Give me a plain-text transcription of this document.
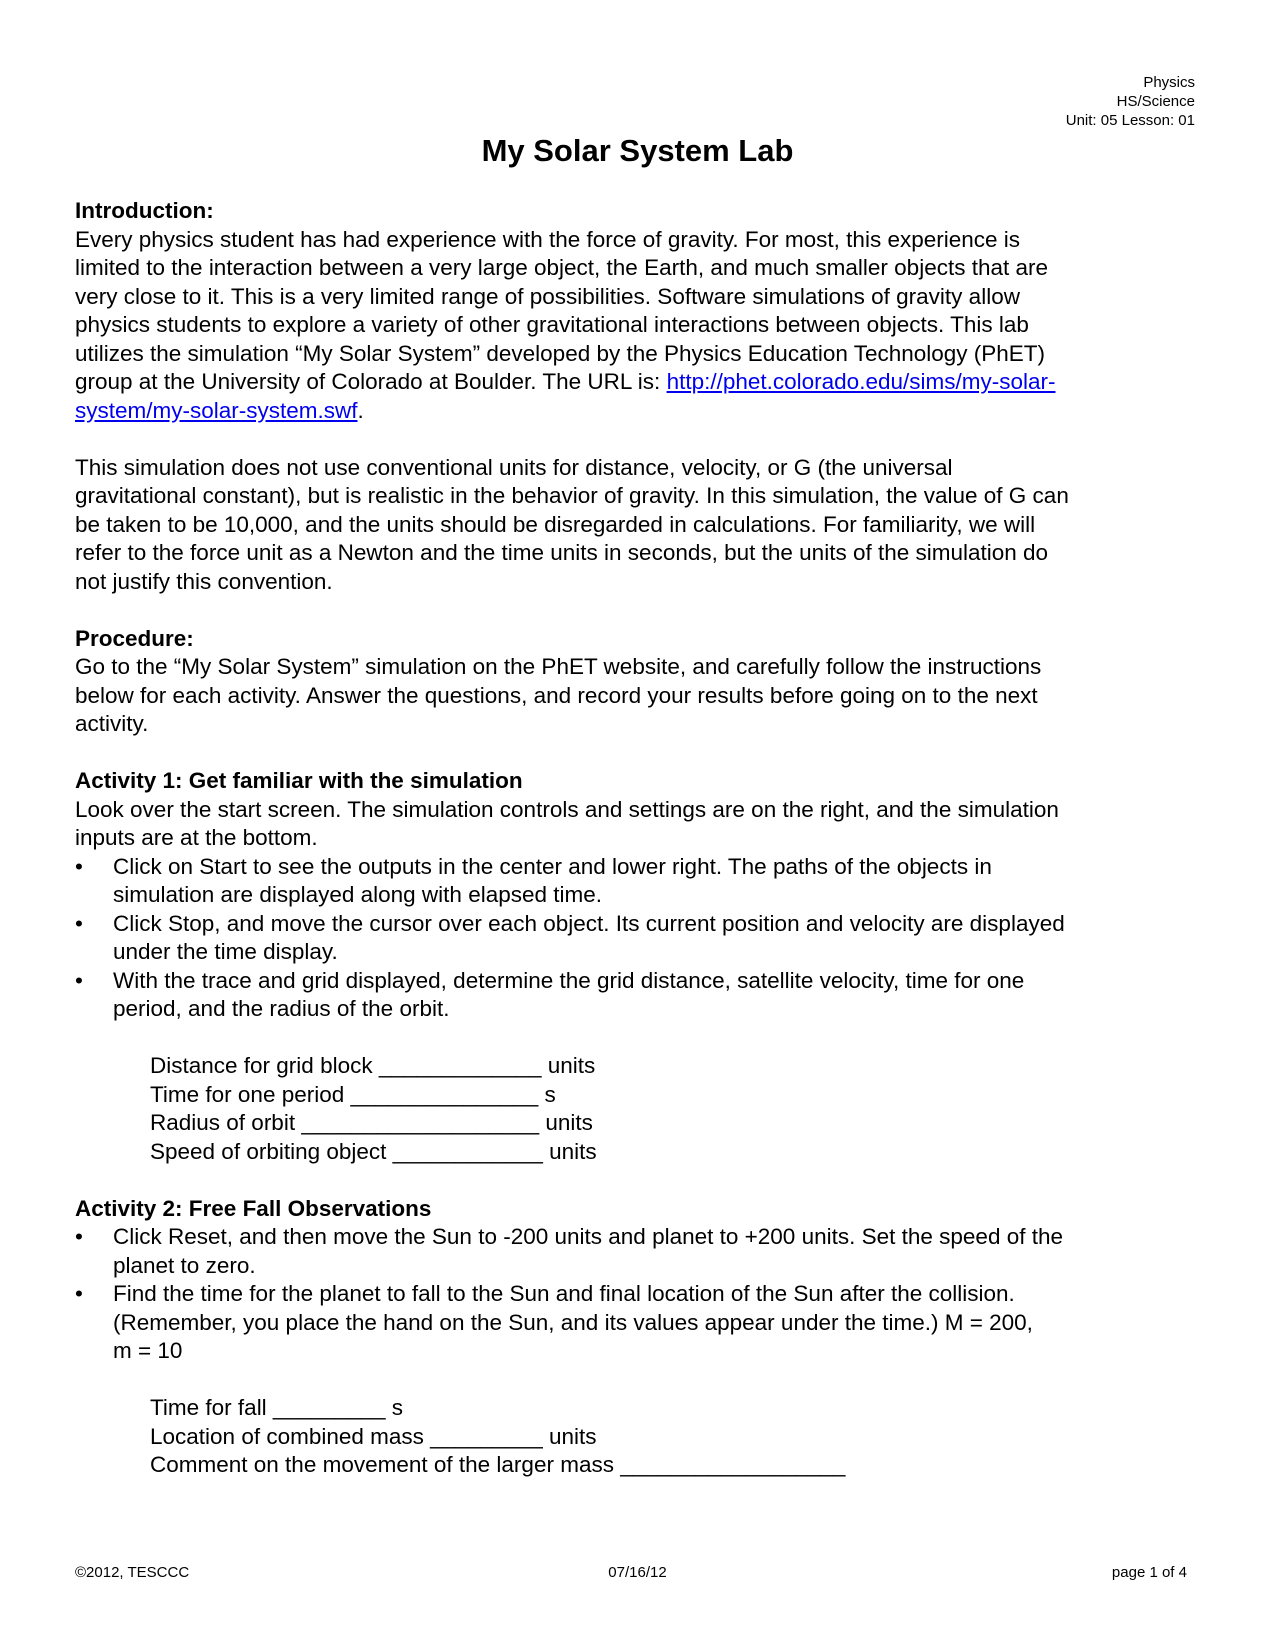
Physics
HS/Science
Unit: 05 Lesson: 01
My Solar System Lab

Introduction:

Every physics student has had experience with the force of gravity. For most, this experience is

limited to the interaction between a very large object, the Earth, and much smaller objects that are

very close to it. This is a very limited range of possibilities. Software simulations of gravity allow

physics students to explore a variety of other gravitational interactions between objects. This lab

utilizes the simulation “My Solar System” developed by the Physics Education Technology (PhET)

group at the University of Colorado at Boulder. The URL is: http://phet.colorado.edu/sims/my-solar-

system/my-solar-system.swf.

This simulation does not use conventional units for distance, velocity, or G (the universal

gravitational constant), but is realistic in the behavior of gravity. In this simulation, the value of G can

be taken to be 10,000, and the units should be disregarded in calculations. For familiarity, we will

refer to the force unit as a Newton and the time units in seconds, but the units of the simulation do

not justify this convention.

Procedure:

Go to the “My Solar System” simulation on the PhET website, and carefully follow the instructions

below for each activity. Answer the questions, and record your results before going on to the next

activity.

Activity 1: Get familiar with the simulation

Look over the start screen. The simulation controls and settings are on the right, and the simulation

inputs are at the bottom.

•	Click on Start to see the outputs in the center and lower right. The paths of the objects in
simulation are displayed along with elapsed time.
•	Click Stop, and move the cursor over each object. Its current position and velocity are displayed
under the time display.
•	With the trace and grid displayed, determine the grid distance, satellite velocity, time for one
period, and the radius of the orbit.
Distance for grid block _____________ units
Time for one period _______________ s
Radius of orbit ___________________ units
Speed of orbiting object ____________ units

Activity 2: Free Fall Observations

•	Click Reset, and then move the Sun to -200 units and planet to +200 units. Set the speed of the
planet to zero.
•	Find the time for the planet to fall to the Sun and final location of the Sun after the collision.
(Remember, you place the hand on the Sun, and its values appear under the time.) M = 200,
m = 10
Time for fall _________ s
Location of combined mass _________ units
Comment on the movement of the larger mass __________________
©2012, TESCCC	07/16/12	page 1 of 4
